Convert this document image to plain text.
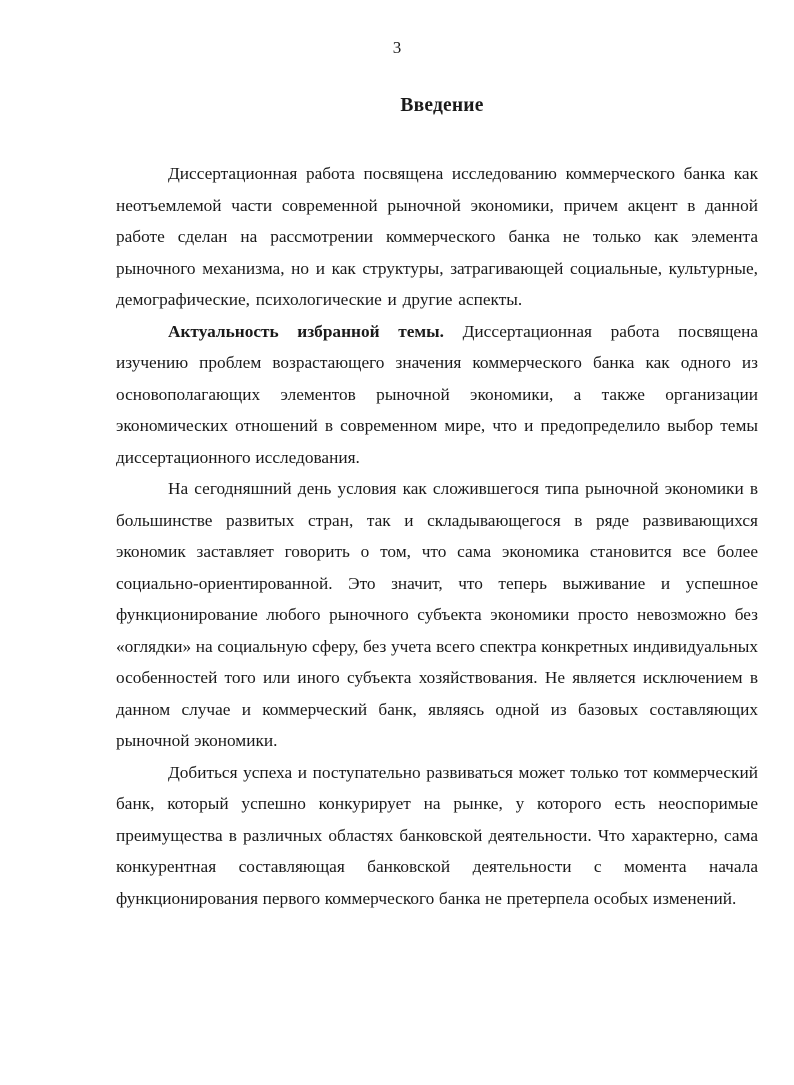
3
Введение

Диссертационная работа посвящена исследованию коммерческого банка как неотъемлемой части современной рыночной экономики, причем акцент в данной работе сделан на рассмотрении коммерческого банка не только как элемента рыночного механизма, но и как структуры, затрагивающей социальные, культурные, демографические, психологические и другие аспекты.

Актуальность избранной темы. Диссертационная работа посвящена изучению проблем возрастающего значения коммерческого банка как одного из основополагающих элементов рыночной экономики, а также организации экономических отношений в современном мире, что и предопределило выбор темы диссертационного исследования.

На сегодняшний день условия как сложившегося типа рыночной экономики в большинстве развитых стран, так и складывающегося в ряде развивающихся экономик заставляет говорить о том, что сама экономика становится все более социально-ориентированной. Это значит, что теперь выживание и успешное функционирование любого рыночного субъекта экономики просто невозможно без «оглядки» на социальную сферу, без учета всего спектра конкретных индивидуальных особенностей того или иного субъекта хозяйствования. Не является исключением в данном случае и коммерческий банк, являясь одной из базовых составляющих рыночной экономики.

Добиться успеха и поступательно развиваться может только тот коммерческий банк, который успешно конкурирует на рынке, у которого есть неоспоримые преимущества в различных областях банковской деятельности. Что характерно, сама конкурентная составляющая банковской деятельности с момента начала функционирования первого коммерческого банка не претерпела особых изменений.
